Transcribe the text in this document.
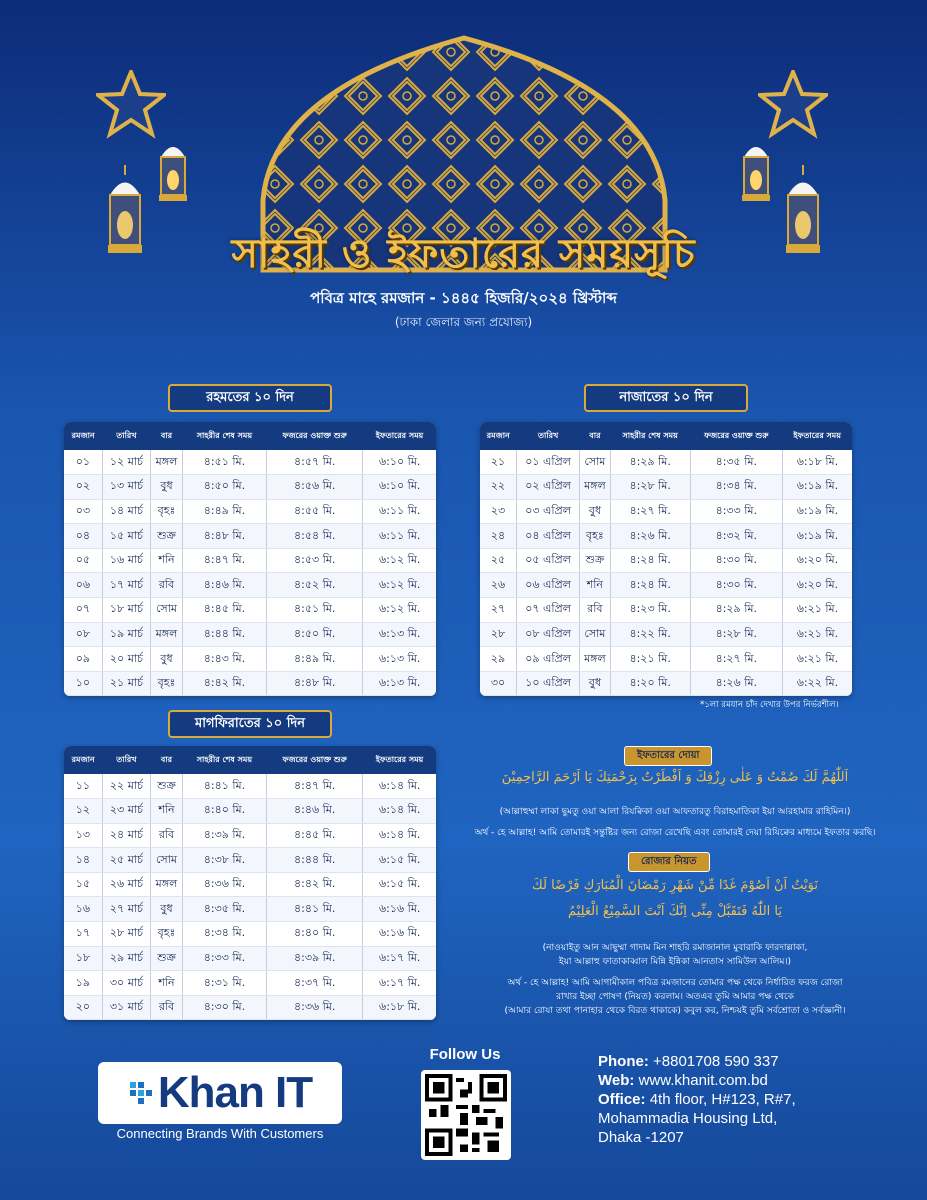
সাহরী ও ইফতারের সময়সূচি
পবিত্র মাহে রমজান - ১৪৪৫ হিজরি/২০২৪ খ্রিস্টাব্দ
(ঢাকা জেলার জন্য প্রযোজ্য)
রহমতের ১০ দিন
রমজান	তারিখ	বার	সাহরীর শেষ সময়	ফজরের ওয়াক্ত শুরু	ইফতারের সময়
০১	১২ মার্চ	মঙ্গল	৪:৫১ মি.	৪:৫৭ মি.	৬:১০ মি.
০২	১৩ মার্চ	বুধ	৪:৫০ মি.	৪:৫৬ মি.	৬:১০ মি.
০৩	১৪ মার্চ	বৃহঃ	৪:৪৯ মি.	৪:৫৫ মি.	৬:১১ মি.
০৪	১৫ মার্চ	শুক্র	৪:৪৮ মি.	৪:৫৪ মি.	৬:১১ মি.
০৫	১৬ মার্চ	শনি	৪:৪৭ মি.	৪:৫৩ মি.	৬:১২ মি.
০৬	১৭ মার্চ	রবি	৪:৪৬ মি.	৪:৫২ মি.	৬:১২ মি.
০৭	১৮ মার্চ	সোম	৪:৪৫ মি.	৪:৫১ মি.	৬:১২ মি.
০৮	১৯ মার্চ	মঙ্গল	৪:৪৪ মি.	৪:৫০ মি.	৬:১৩ মি.
০৯	২০ মার্চ	বুধ	৪:৪৩ মি.	৪:৪৯ মি.	৬:১৩ মি.
১০	২১ মার্চ	বৃহঃ	৪:৪২ মি.	৪:৪৮ মি.	৬:১৩ মি.
নাজাতের ১০ দিন
রমজান	তারিখ	বার	সাহরীর শেষ সময়	ফজরের ওয়াক্ত শুরু	ইফতারের সময়
২১	০১ এপ্রিল	সোম	৪:২৯ মি.	৪:৩৫ মি.	৬:১৮ মি.
২২	০২ এপ্রিল	মঙ্গল	৪:২৮ মি.	৪:৩৪ মি.	৬:১৯ মি.
২৩	০৩ এপ্রিল	বুধ	৪:২৭ মি.	৪:৩৩ মি.	৬:১৯ মি.
২৪	০৪ এপ্রিল	বৃহঃ	৪:২৬ মি.	৪:৩২ মি.	৬:১৯ মি.
২৫	০৫ এপ্রিল	শুক্র	৪:২৪ মি.	৪:৩০ মি.	৬:২০ মি.
২৬	০৬ এপ্রিল	শনি	৪:২৪ মি.	৪:৩০ মি.	৬:২০ মি.
২৭	০৭ এপ্রিল	রবি	৪:২৩ মি.	৪:২৯ মি.	৬:২১ মি.
২৮	০৮ এপ্রিল	সোম	৪:২২ মি.	৪:২৮ মি.	৬:২১ মি.
২৯	০৯ এপ্রিল	মঙ্গল	৪:২১ মি.	৪:২৭ মি.	৬:২১ মি.
৩০	১০ এপ্রিল	বুধ	৪:২০ মি.	৪:২৬ মি.	৬:২২ মি.
*১লা রমযান চাঁদ দেখার উপর নির্ভরশীল।
মাগফিরাতের ১০ দিন
রমজান	তারিখ	বার	সাহরীর শেষ সময়	ফজরের ওয়াক্ত শুরু	ইফতারের সময়
১১	২২ মার্চ	শুক্র	৪:৪১ মি.	৪:৪৭ মি.	৬:১৪ মি.
১২	২৩ মার্চ	শনি	৪:৪০ মি.	৪:৪৬ মি.	৬:১৪ মি.
১৩	২৪ মার্চ	রবি	৪:৩৯ মি.	৪:৪৫ মি.	৬:১৪ মি.
১৪	২৫ মার্চ	সোম	৪:৩৮ মি.	৪:৪৪ মি.	৬:১৫ মি.
১৫	২৬ মার্চ	মঙ্গল	৪:৩৬ মি.	৪:৪২ মি.	৬:১৫ মি.
১৬	২৭ মার্চ	বুধ	৪:৩৫ মি.	৪:৪১ মি.	৬:১৬ মি.
১৭	২৮ মার্চ	বৃহঃ	৪:৩৪ মি.	৪:৪০ মি.	৬:১৬ মি.
১৮	২৯ মার্চ	শুক্র	৪:৩৩ মি.	৪:৩৯ মি.	৬:১৭ মি.
১৯	৩০ মার্চ	শনি	৪:৩১ মি.	৪:৩৭ মি.	৬:১৭ মি.
২০	৩১ মার্চ	রবি	৪:৩০ মি.	৪:৩৬ মি.	৬:১৮ মি.
ইফতারের দোয়া
اَللّٰهُمَّ لَكَ صُمْتُ وَ عَلٰى رِزْقِكَ وَ اَفْطَرْتُ بِرَحْمَتِكَ يَا اَرْحَمَ الرَّاحِمِيْنَ
(আল্লাহুম্মা লাকা ছুমতু ওয়া আলা রিযক্বিকা ওয়া আফতারতু বিরাহমাতিকা ইয়া আরহামার রাহিমিন।)
অর্থ - হে আল্লাহ! আমি তোমারই সন্তুষ্টির জন্য রোজা রেখেছি এবং তোমারই দেয়া রিযিক্বের মাধ্যমে ইফতার করছি।
রোজার নিয়ত
نَوَيْتُ اَنْ اَصُوْمَ غَدًا مِّنْ شَهْرِ رَمْضَانَ الْمُبَارَكِ فَرْضًا لَكَ
يَا اللّٰهُ فَتَقَبَّلْ مِنِّى اِنَّكَ اَنْتَ السَّمِيْعُ الْعَلِيْمُ
(নাওয়াইতু আন আছুম্মা গাদাম মিন শাহরি রমাজানাল মুবারাকি ফারদাল্লাকা,
ইয়া আল্লাহু ফাতাকাব্বাল মিন্নি ইন্নিকা আনতাস সামিউল আলিম।)
অর্থ - হে আল্লাহ! আমি আগামীকাল পবিত্র রমজানের তোমার পক্ষ থেকে নির্ধারিত ফরজ রোজা
রাখার ইচ্ছা পোষণ (নিয়ত) করলাম। অতএব তুমি আমার পক্ষ থেকে
(আমার রোযা তথা পানাহার থেকে বিরত থাকাকে) কবুল কর, নিশ্চয়ই তুমি সর্বশ্রোতা ও সর্বজ্ঞানী।
Khan IT
Connecting Brands With Customers
Follow Us	Phone: +8801708 590 337
Web: www.khanit.com.bd
Office: 4th floor, H#123, R#7,
Mohammadia Housing Ltd,
Dhaka -1207
